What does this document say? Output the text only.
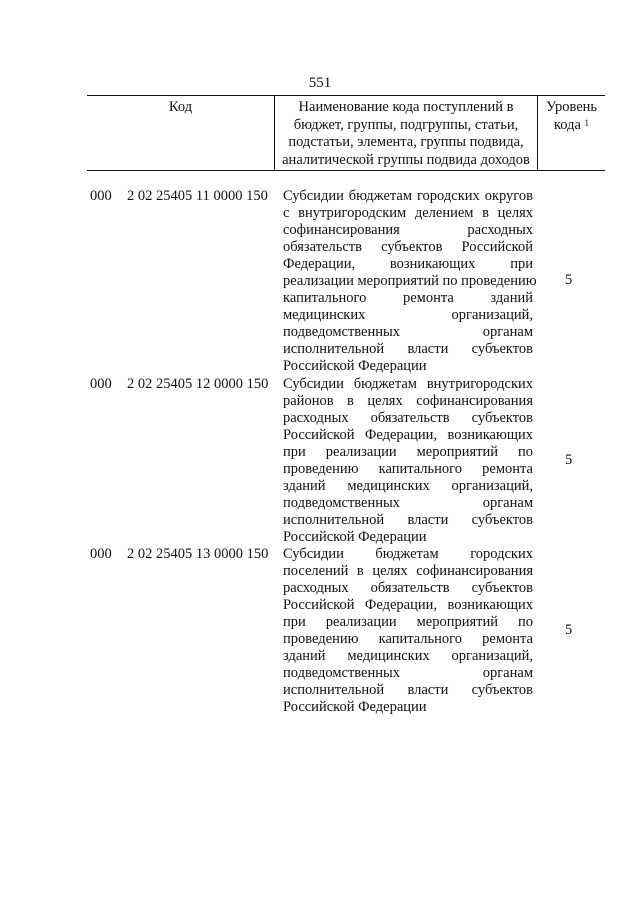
551
Код	Наименование кода поступлений в
бюджет, группы, подгруппы, статьи,
подстатьи, элемента, группы подвида,
аналитической группы подвида доходов
Уровень
кода $^1$
000 2 02 25405 11 0000 150 Субсидии бюджетам городских округов
с внутригородским делением в целях
софинансирования расходных
обязательств субъектов Российской
Федерации, возникающих при
реализации мероприятий по проведению
капитального ремонта зданий
медицинских организаций,
подведомственных органам
исполнительной власти субъектов
Российской Федерации
5
000 2 02 25405 12 0000 150 Субсидии бюджетам внутригородских
районов в целях софинансирования
расходных обязательств субъектов
Российской Федерации, возникающих
при реализации мероприятий по
проведению капитального ремонта
зданий медицинских организаций,
подведомственных органам
исполнительной власти субъектов
Российской Федерации
5
000 2 02 25405 13 0000 150 Субсидии бюджетам городских
поселений в целях софинансирования
расходных обязательств субъектов
Российской Федерации, возникающих
при реализации мероприятий по
проведению капитального ремонта
зданий медицинских организаций,
подведомственных органам
исполнительной власти субъектов
Российской Федерации
5
